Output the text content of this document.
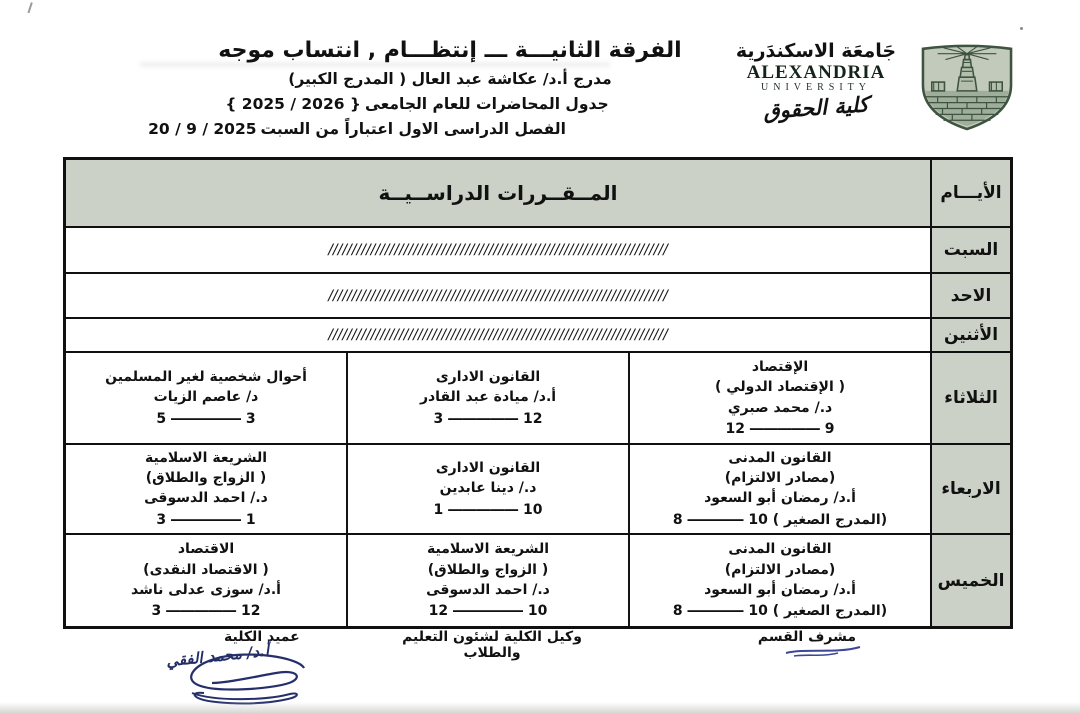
جَامعَة الاسكندَرية
ALEXANDRIA
UNIVERSITY
كلية الحقوق
الفرقة الثانيـــة ـــ إنتظـــام , انتساب موجه
مدرج أ.د/ عكاشة عبد العال ( المدرج الكبير)
جدول المحاضرات للعام الجامعى{ 2025 / 2026 }
الفصل الدراسى الاول اعتباراً من السبت20 / 9 / 2025
الأيـــام
المــقــررات الدراســيــة
السبت
////////////////////////////////////////////////////////////////////////
الاحد
////////////////////////////////////////////////////////////////////////
الأثنين
////////////////////////////////////////////////////////////////////////
الثلاثاء
الإقتصاد
( الإقتصاد الدولي )
د./ محمد صبري
12 ――――― 9
القانون الادارى
أ.د/ ميادة عبد القادر
3 ――――― 12
أحوال شخصية لغير المسلمين
د/ عاصم الزيات
5 ――――― 3
الاربعاء
القانون المدنى
(مصادر الالتزام)
أ.د/ رمضان أبو السعود
8 ―――― 10 ( المدرج الصغير)
القانون الادارى
د./ دينا عابدين
1 ――――― 10
الشريعة الاسلامية
( الزواج والطلاق)
د./ احمد الدسوقى
3 ――――― 1
الخميس
القانون المدنى
(مصادر الالتزام)
أ.د/ رمضان أبو السعود
8 ―――― 10 ( المدرج الصغير)
الشريعة الاسلامية
( الزواج والطلاق)
د./ احمد الدسوقى
12 ――――― 10
الاقتصاد
( الاقتصاد النقدى)
أ.د/ سوزى عدلى ناشد
3 ――――― 12
مشرف القسم
وكيل الكلية لشئون التعليم والطلاب
عميد الكلية
أ.د/ محمد الفقي
